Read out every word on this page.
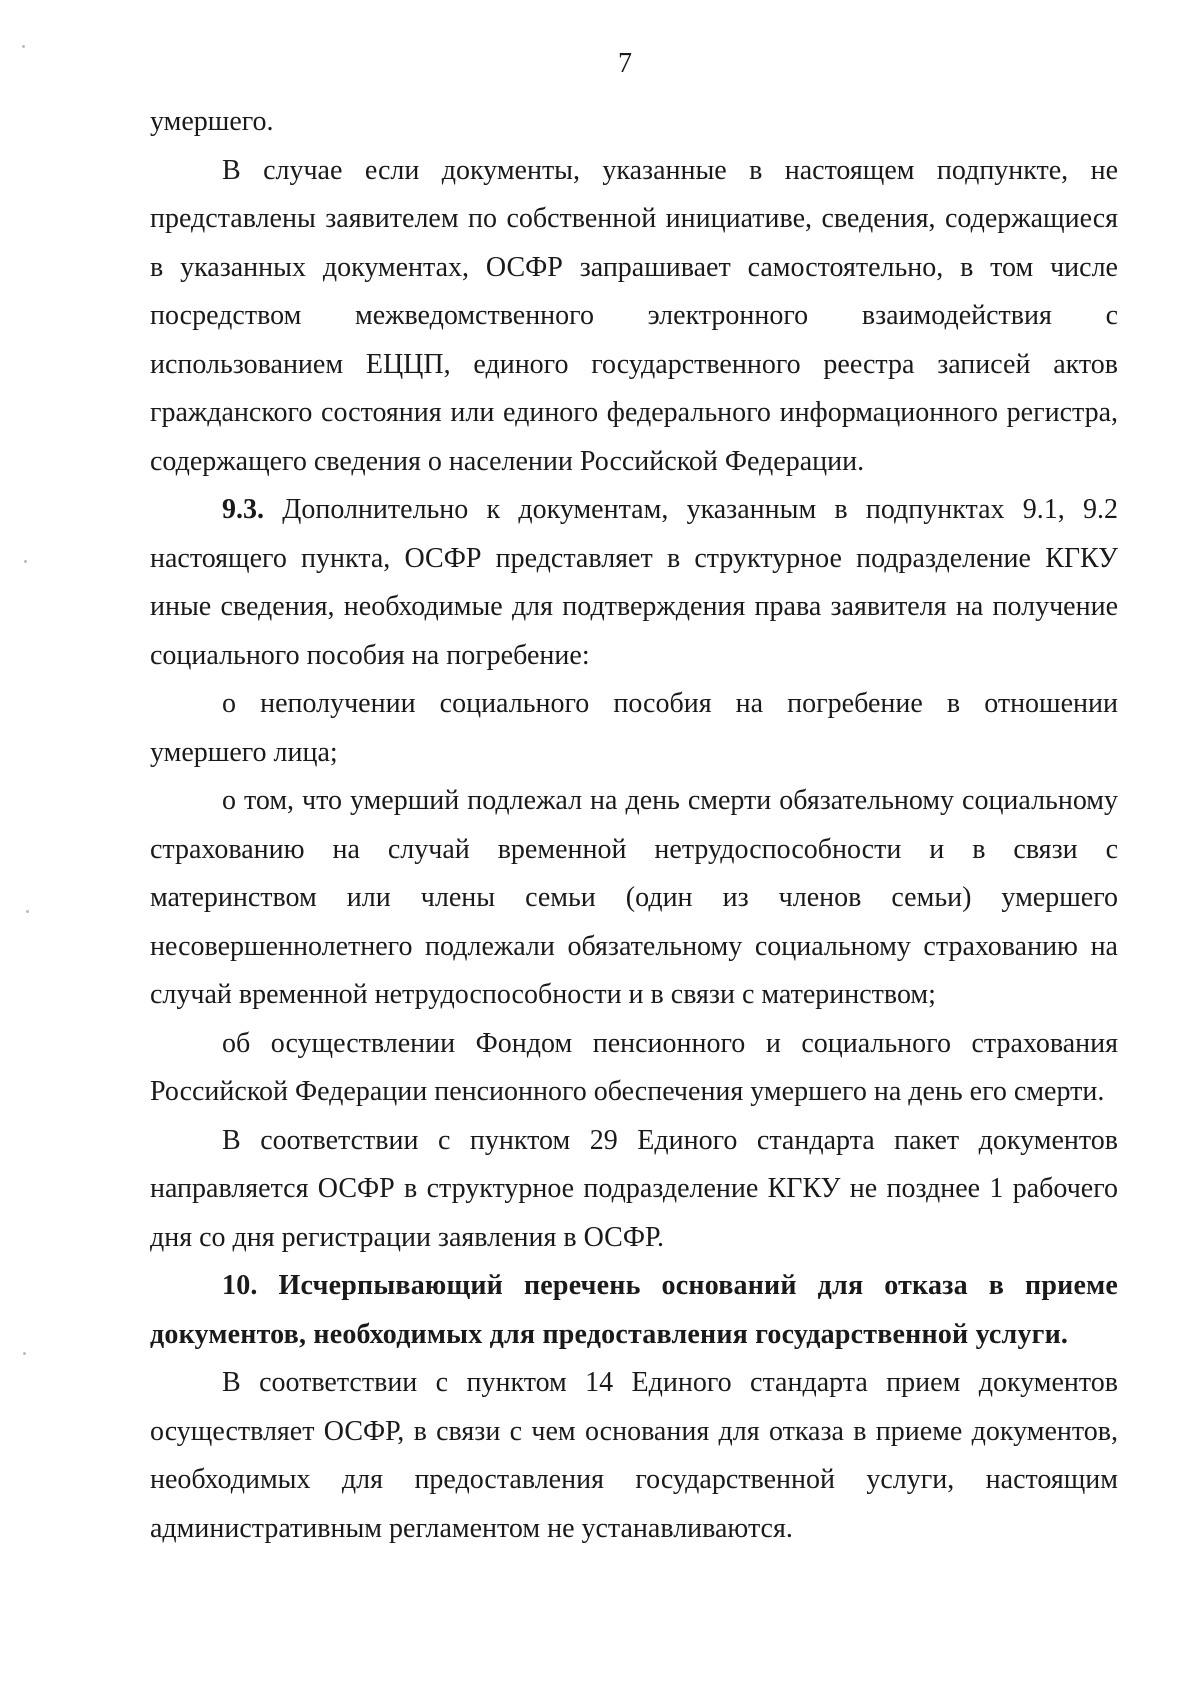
7

умершего.

В случае если документы, указанные в настоящем подпункте, не представлены заявителем по собственной инициативе, сведения, содержащиеся в указанных документах, ОСФР запрашивает самостоятельно, в том числе посредством межведомственного электронного взаимодействия с использованием ЕЦЦП, единого государственного реестра записей актов гражданского состояния или единого федерального информационного регистра, содержащего сведения о населении Российской Федерации.

9.3. Дополнительно к документам, указанным в подпунктах 9.1, 9.2 настоящего пункта, ОСФР представляет в структурное подразделение КГКУ иные сведения, необходимые для подтверждения права заявителя на получение социального пособия на погребение:

о неполучении социального пособия на погребение в отношении умершего лица;

о том, что умерший подлежал на день смерти обязательному социальному страхованию на случай временной нетрудоспособности и в связи с материнством или члены семьи (один из членов семьи) умершего несовершеннолетнего подлежали обязательному социальному страхованию на случай временной нетрудоспособности и в связи с материнством;

об осуществлении Фондом пенсионного и социального страхования Российской Федерации пенсионного обеспечения умершего на день его смерти.

В соответствии с пунктом 29 Единого стандарта пакет документов направляется ОСФР в структурное подразделение КГКУ не позднее 1 рабочего дня со дня регистрации заявления в ОСФР.

10. Исчерпывающий перечень оснований для отказа в приеме документов, необходимых для предоставления государственной услуги.

В соответствии с пунктом 14 Единого стандарта прием документов осуществляет ОСФР, в связи с чем основания для отказа в приеме документов, необходимых для предоставления государственной услуги, настоящим административным регламентом не устанавливаются.
